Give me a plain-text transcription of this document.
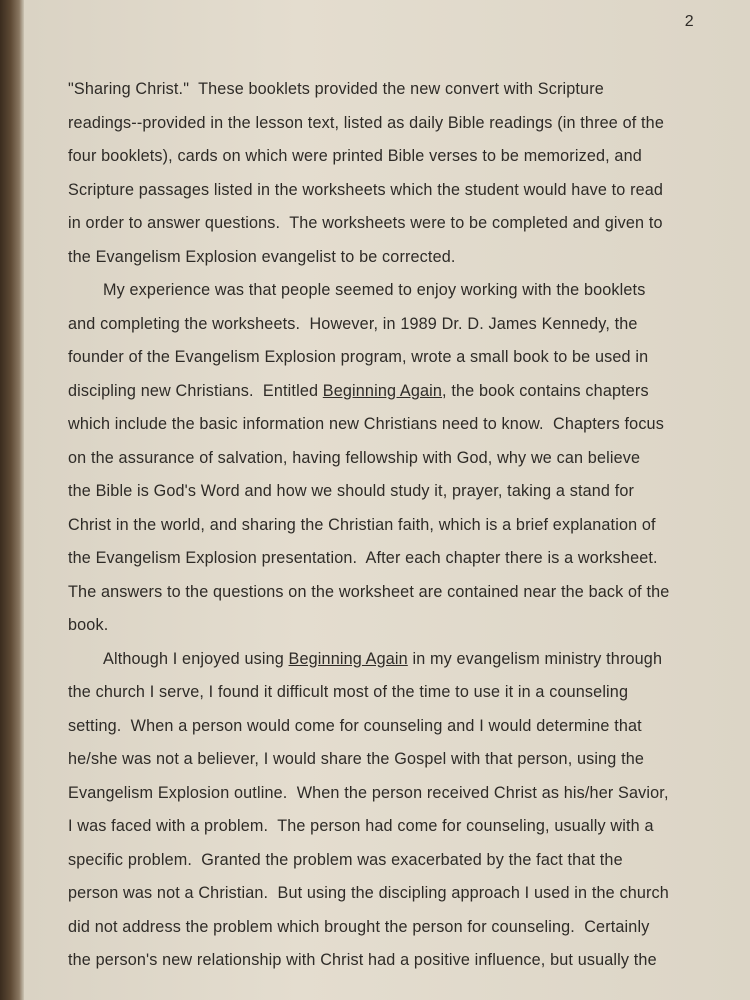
2
"Sharing Christ."  These booklets provided the new convert with Scripture
readings--provided in the lesson text, listed as daily Bible readings (in three of the
four booklets), cards on which were printed Bible verses to be memorized, and
Scripture passages listed in the worksheets which the student would have to read
in order to answer questions.  The worksheets were to be completed and given to
the Evangelism Explosion evangelist to be corrected.
My experience was that people seemed to enjoy working with the booklets
and completing the worksheets.  However, in 1989 Dr. D. James Kennedy, the
founder of the Evangelism Explosion program, wrote a small book to be used in
discipling new Christians.  Entitled Beginning Again, the book contains chapters
which include the basic information new Christians need to know.  Chapters focus
on the assurance of salvation, having fellowship with God, why we can believe
the Bible is God's Word and how we should study it, prayer, taking a stand for
Christ in the world, and sharing the Christian faith, which is a brief explanation of
the Evangelism Explosion presentation.  After each chapter there is a worksheet.
The answers to the questions on the worksheet are contained near the back of the
book.
Although I enjoyed using Beginning Again in my evangelism ministry through
the church I serve, I found it difficult most of the time to use it in a counseling
setting.  When a person would come for counseling and I would determine that
he/she was not a believer, I would share the Gospel with that person, using the
Evangelism Explosion outline.  When the person received Christ as his/her Savior,
I was faced with a problem.  The person had come for counseling, usually with a
specific problem.  Granted the problem was exacerbated by the fact that the
person was not a Christian.  But using the discipling approach I used in the church
did not address the problem which brought the person for counseling.  Certainly
the person's new relationship with Christ had a positive influence, but usually the
